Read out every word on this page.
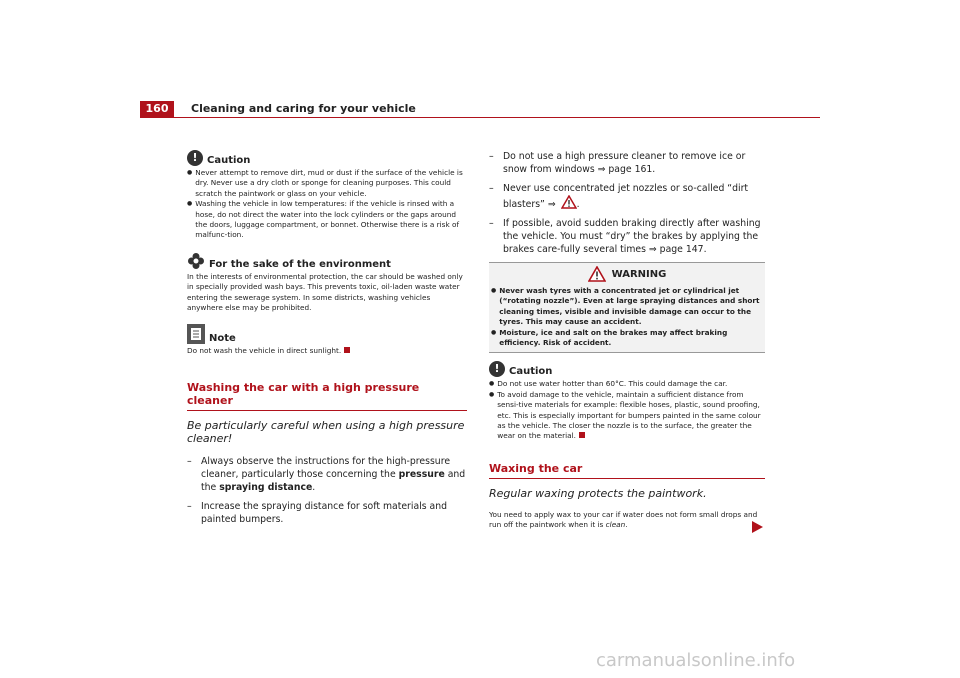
160	Cleaning and caring for your vehicle
! Caution

● Never attempt to remove dirt, mud or dust if the surface of the vehicle is dry. Never use a dry cloth or sponge for cleaning purposes. This could scratch the paintwork or glass on your vehicle.

● Washing the vehicle in low temperatures: if the vehicle is rinsed with a hose, do not direct the water into the lock cylinders or the gaps around the doors, luggage compartment, or bonnet. Otherwise there is a risk of malfunc-tion.

For the sake of the environment

In the interests of environmental protection, the car should be washed only in specially provided wash bays. This prevents toxic, oil-laden waste water entering the sewerage system. In some districts, washing vehicles anywhere else may be prohibited.

Note

Do not wash the vehicle in direct sunlight.

Washing the car with a high pressure cleaner
Be particularly careful when using a high pressure cleaner!

–	Always observe the instructions for the high-pressure cleaner, particularly those concerning the pressure and the spraying distance.

–	Increase the spraying distance for soft materials and painted bumpers.

–	Do not use a high pressure cleaner to remove ice or snow from windows ⇒ page 161.

–	Never use concentrated jet nozzles or so-called “dirt blasters” ⇒ .

–	If possible, avoid sudden braking directly after washing the vehicle. You must “dry” the brakes by applying the brakes care-fully several times ⇒ page 147.

WARNING

● Never wash tyres with a concentrated jet or cylindrical jet (“rotating nozzle”). Even at large spraying distances and short cleaning times, visible and invisible damage can occur to the tyres. This may cause an accident.

● Moisture, ice and salt on the brakes may affect braking efficiency. Risk of accident.

! Caution

● Do not use water hotter than 60°C. This could damage the car.

● To avoid damage to the vehicle, maintain a sufficient distance from sensi-tive materials for example: flexible hoses, plastic, sound proofing, etc. This is especially important for bumpers painted in the same colour as the vehicle. The closer the nozzle is to the surface, the greater the wear on the material.

Waxing the car
Regular waxing protects the paintwork.

You need to apply wax to your car if water does not form small drops and run off the paintwork when it is clean.

carmanualsonline.info
